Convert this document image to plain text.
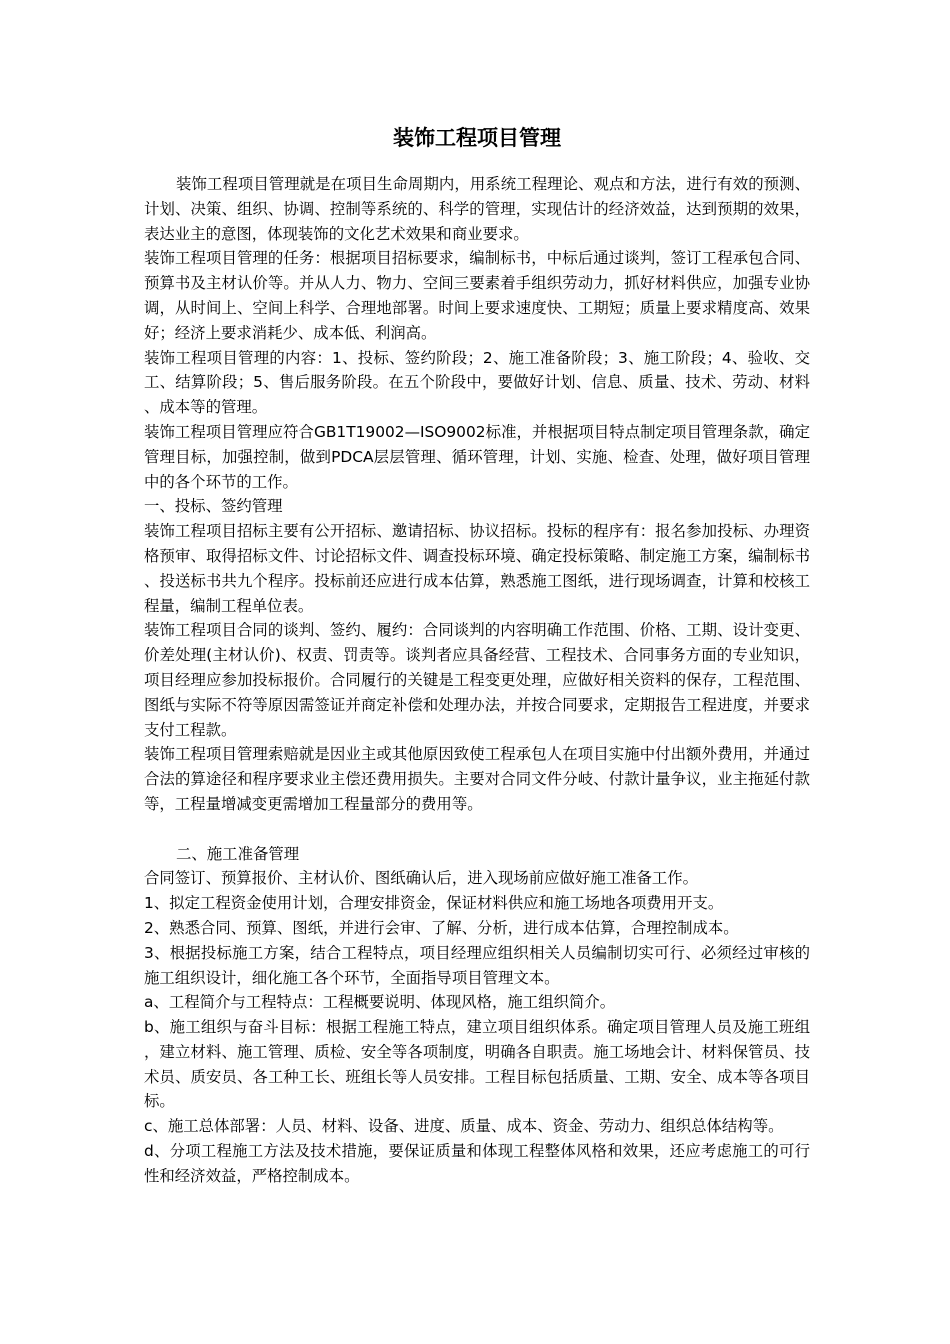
装饰工程项目管理

装饰工程项目管理就是在项目生命周期内，用系统工程理论、观点和方法，进行有效的预测、计划、决策、组织、协调、控制等系统的、科学的管理，实现估计的经济效益，达到预期的效果，表达业主的意图，体现装饰的文化艺术效果和商业要求。

装饰工程项目管理的任务：根据项目招标要求，编制标书，中标后通过谈判，签订工程承包合同、预算书及主材认价等。并从人力、物力、空间三要素着手组织劳动力，抓好材料供应，加强专业协调，从时间上、空间上科学、合理地部署。时间上要求速度快、工期短；质量上要求精度高、效果好；经济上要求消耗少、成本低、利润高。

装饰工程项目管理的内容：1、投标、签约阶段；2、施工准备阶段；3、施工阶段；4、验收、交工、结算阶段；5、售后服务阶段。在五个阶段中，要做好计划、信息、质量、技术、劳动、材料、成本等的管理。

装饰工程项目管理应符合GB1T19002—ISO9002标准，并根据项目特点制定项目管理条款，确定管理目标，加强控制，做到PDCA层层管理、循环管理，计划、实施、检查、处理，做好项目管理中的各个环节的工作。

一、投标、签约管理

装饰工程项目招标主要有公开招标、邀请招标、协议招标。投标的程序有：报名参加投标、办理资格预审、取得招标文件、讨论招标文件、调查投标环境、确定投标策略、制定施工方案，编制标书、投送标书共九个程序。投标前还应进行成本估算，熟悉施工图纸，进行现场调查，计算和校核工程量，编制工程单位表。

装饰工程项目合同的谈判、签约、履约：合同谈判的内容明确工作范围、价格、工期、设计变更、价差处理(主材认价)、权责、罚责等。谈判者应具备经营、工程技术、合同事务方面的专业知识，项目经理应参加投标报价。合同履行的关键是工程变更处理，应做好相关资料的保存，工程范围、图纸与实际不符等原因需签证并商定补偿和处理办法，并按合同要求，定期报告工程进度，并要求支付工程款。

装饰工程项目管理索赔就是因业主或其他原因致使工程承包人在项目实施中付出额外费用，并通过合法的算途径和程序要求业主偿还费用损失。主要对合同文件分岐、付款计量争议，业主拖延付款等，工程量增减变更需增加工程量部分的费用等。

二、施工准备管理

合同签订、预算报价、主材认价、图纸确认后，进入现场前应做好施工准备工作。

1、拟定工程资金使用计划，合理安排资金，保证材料供应和施工场地各项费用开支。

2、熟悉合同、预算、图纸，并进行会审、了解、分析，进行成本估算，合理控制成本。

3、根据投标施工方案，结合工程特点，项目经理应组织相关人员编制切实可行、必须经过审核的施工组织设计，细化施工各个环节，全面指导项目管理文本。

a、工程简介与工程特点：工程概要说明、体现风格，施工组织简介。

b、施工组织与奋斗目标：根据工程施工特点，建立项目组织体系。确定项目管理人员及施工班组，建立材料、施工管理、质检、安全等各项制度，明确各自职责。施工场地会计、材料保管员、技术员、质安员、各工种工长、班组长等人员安排。工程目标包括质量、工期、安全、成本等各项目标。

c、施工总体部署：人员、材料、设备、进度、质量、成本、资金、劳动力、组织总体结构等。

d、分项工程施工方法及技术措施，要保证质量和体现工程整体风格和效果，还应考虑施工的可行性和经济效益，严格控制成本。
